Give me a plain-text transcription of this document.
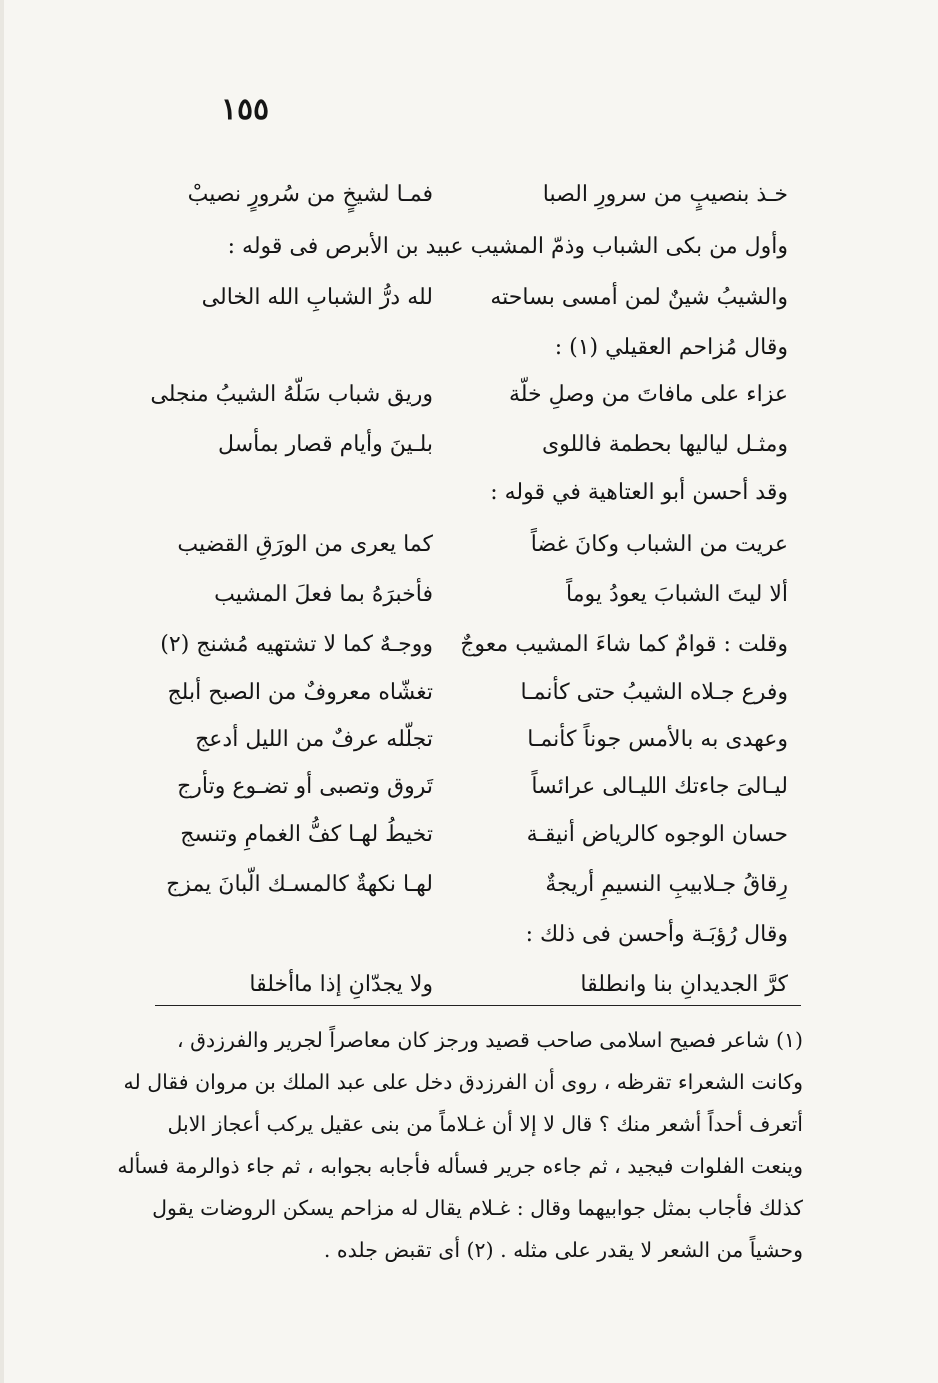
١٥٥
خـذ بنصيبٍ من سرورِ الصبا
فمـا لشيخٍ من سُرورٍ نصيبْ
وأول من بكى الشباب وذمّ المشيب عبيد بن الأبرص فى قوله :
والشيبُ شينٌ لمن أمسى بساحته
لله درُّ الشبابِ الله الخالى
وقال مُزاحم العقيلي (١) :
عزاء على مافاتَ من وصلِ خلّة
وريق شباب سَلّهُ الشيبُ منجلى
ومثـل لياليها بحطمة فاللوى
بلـينَ وأيام قصار بمأسل
وقد أحسن أبو العتاهية في قوله :
عريت من الشباب وكانَ غضاً
كما يعرى من الورَقِ القضيب
ألا ليتَ الشبابَ يعودُ يوماً
فأخبرَهُ بما فعلَ المشيب
وقلت : قوامٌ كما شاءَ المشيب معوجٌ
ووجـهٌ كما لا تشتهيه مُشنج (٢)
وفرع جـلاه الشيبُ حتى كأنمـا
تغشّاه معروفٌ من الصبح أبلج
وعهدى به بالأمس جوناً كأنمـا
تجلّله عرفٌ من الليل أدعج
ليـالىَ جاءتك الليـالى عرائساً
تَروق وتصبى أو تضـوع وتأرج
حسان الوجوه كالرياض أنيقـة
تخيطُ لهـا كفُّ الغمامِ وتنسج
رِقاقُ جـلابيبِ النسيمِ أريجةٌ
لهـا نكهةٌ كالمسـك الّبانَ يمزج
وقال رُؤبَـة وأحسن فى ذلك :
كرَّ الجديدانِ بنا وانطلقا
ولا يجدّانِ إذا ماأخلقا
(١) شاعر فصيح اسلامى صاحب قصيد ورجز كان معاصراً لجرير والفرزدق ،
وكانت الشعراء تقرظه ، روى أن الفرزدق دخل على عبد الملك بن مروان فقال له
أتعرف أحداً أشعر منك ؟ قال لا إلا أن غـلاماً من بنى عقيل يركب أعجاز الابل
وينعت الفلوات فيجيد ، ثم جاءه جرير فسأله فأجابه بجوابه ، ثم جاء ذوالرمة فسأله
كذلك فأجاب بمثل جوابيهما وقال : غـلام يقال له مزاحم يسكن الروضات يقول
وحشياً من الشعر لا يقدر على مثله . (٢) أى تقبض جلده .
